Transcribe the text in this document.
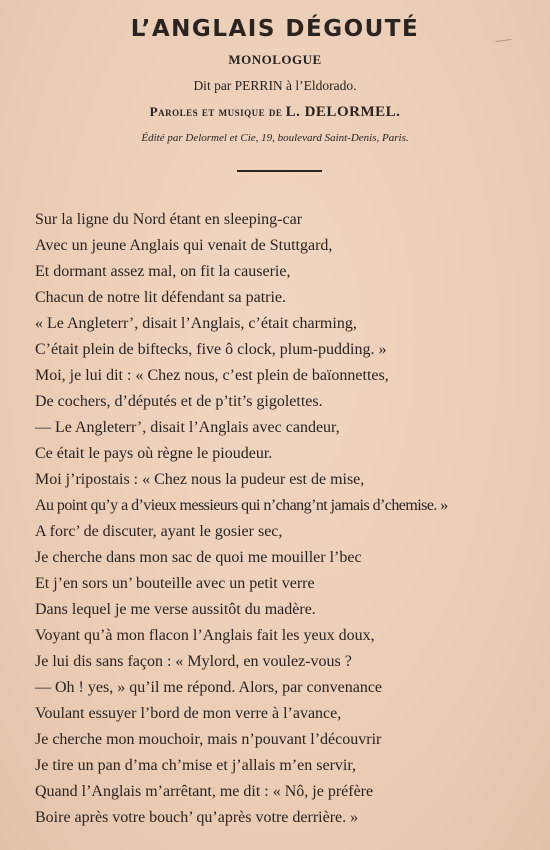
L’ANGLAIS DÉGOUTÉ
MONOLOGUE
Dit par PERRIN à l’Eldorado.
Paroles et musique de L. DELORMEL.
Édité par Delormel et Cie, 19, boulevard Saint-Denis, Paris.
Sur la ligne du Nord étant en sleeping-car
Avec un jeune Anglais qui venait de Stuttgard,
Et dormant assez mal, on fit la causerie,
Chacun de notre lit défendant sa patrie.
« Le Angleterr’, disait l’Anglais, c’était charming,
C’était plein de biftecks, five ô clock, plum-pudding. »
Moi, je lui dit : « Chez nous, c’est plein de baïonnettes,
De cochers, d’députés et de p’tit’s gigolettes.
— Le Angleterr’, disait l’Anglais avec candeur,
Ce était le pays où règne le pioudeur.
Moi j’ripostais : « Chez nous la pudeur est de mise,
Au point qu’y a d’vieux messieurs qui n’chang’nt jamais d’chemise. »
A forc’ de discuter, ayant le gosier sec,
Je cherche dans mon sac de quoi me mouiller l’bec
Et j’en sors un’ bouteille avec un petit verre
Dans lequel je me verse aussitôt du madère.
Voyant qu’à mon flacon l’Anglais fait les yeux doux,
Je lui dis sans façon : « Mylord, en voulez-vous ?
— Oh ! yes, » qu’il me répond. Alors, par convenance
Voulant essuyer l’bord de mon verre à l’avance,
Je cherche mon mouchoir, mais n’pouvant l’découvrir
Je tire un pan d’ma ch’mise et j’allais m’en servir,
Quand l’Anglais m’arrêtant, me dit : « Nô, je préfère
Boire après votre bouch’ qu’après votre derrière. »
